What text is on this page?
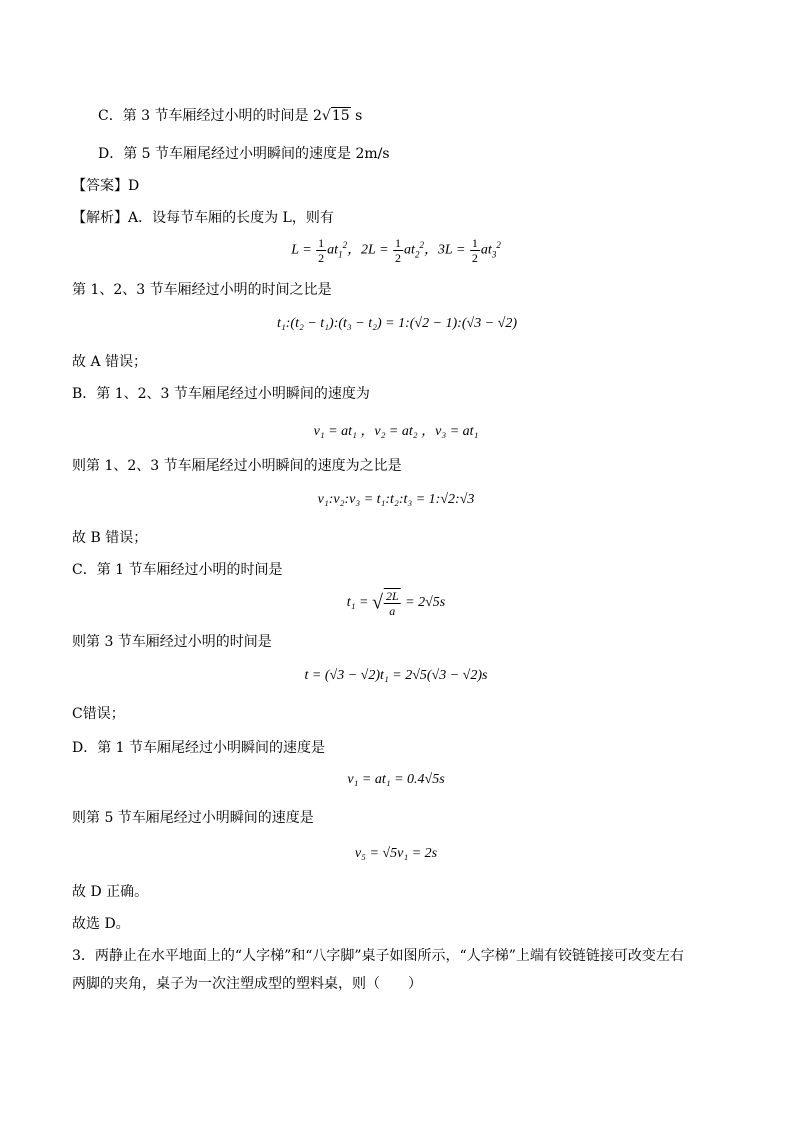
C．第 3 节车厢经过小明的时间是 2√15 s
D．第 5 节车厢尾经过小明瞬间的速度是 2m/s
【答案】D
【解析】A．设每节车厢的长度为 L，则有
$L = \frac{1}{2} at_1^2$，$2L = \frac{1}{2} at_2^2$，$3L = \frac{1}{2} at_3^2$
第 1、2、3 节车厢经过小明的时间之比是
t₁:(t₂ − t₁):(t₃ − t₂) = 1:(√2 − 1):(√3 − √2)
故 A 错误；
B．第 1、2、3 节车厢尾经过小明瞬间的速度为
v₁ = at₁ ，v₂ = at₂ ，v₃ = at₁
则第 1、2、3 节车厢尾经过小明瞬间的速度为之比是
v₁:v₂:v₃ = t₁:t₂:t₃ = 1:√2:√3
故 B 错误；
C．第 1 节车厢经过小明的时间是
t₁ = √ $\frac{2L}{a} = 2√5s$
则第 3 节车厢经过小明的时间是
t = (√3 − √2)t₁ = 2√5(√3 − √2)s
C错误；
D．第 1 节车厢尾经过小明瞬间的速度是
v₁ = at₁ = 0.4√5s
则第 5 节车厢尾经过小明瞬间的速度是
v₅ = √5v₁ = 2s
故 D 正确。
故选 D。
3．两静止在水平地面上的“人字梯”和“八字脚”桌子如图所示，“人字梯”上端有铰链链接可改变左右
两脚的夹角，桌子为一次注塑成型的塑料桌，则（　　）
